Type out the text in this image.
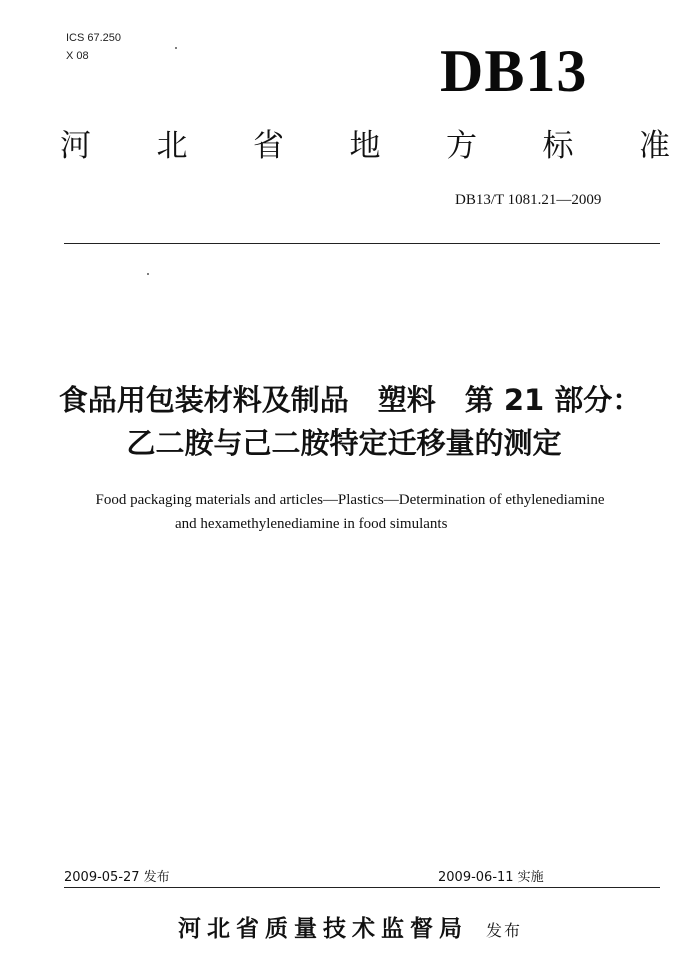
ICS 67.250
X 08	DB13
河 北 省 地 方 标 准
DB13/T 1081.21—2009
食品用包装材料及制品　塑料　第 21 部分：
乙二胺与己二胺特定迁移量的测定
Food packaging materials and articles—Plastics—Determination of ethylenediamine
and hexamethylenediamine in food simulants
2009-05-27 发布	2009-06-11 实施
河北省质量技术监督局 发布
